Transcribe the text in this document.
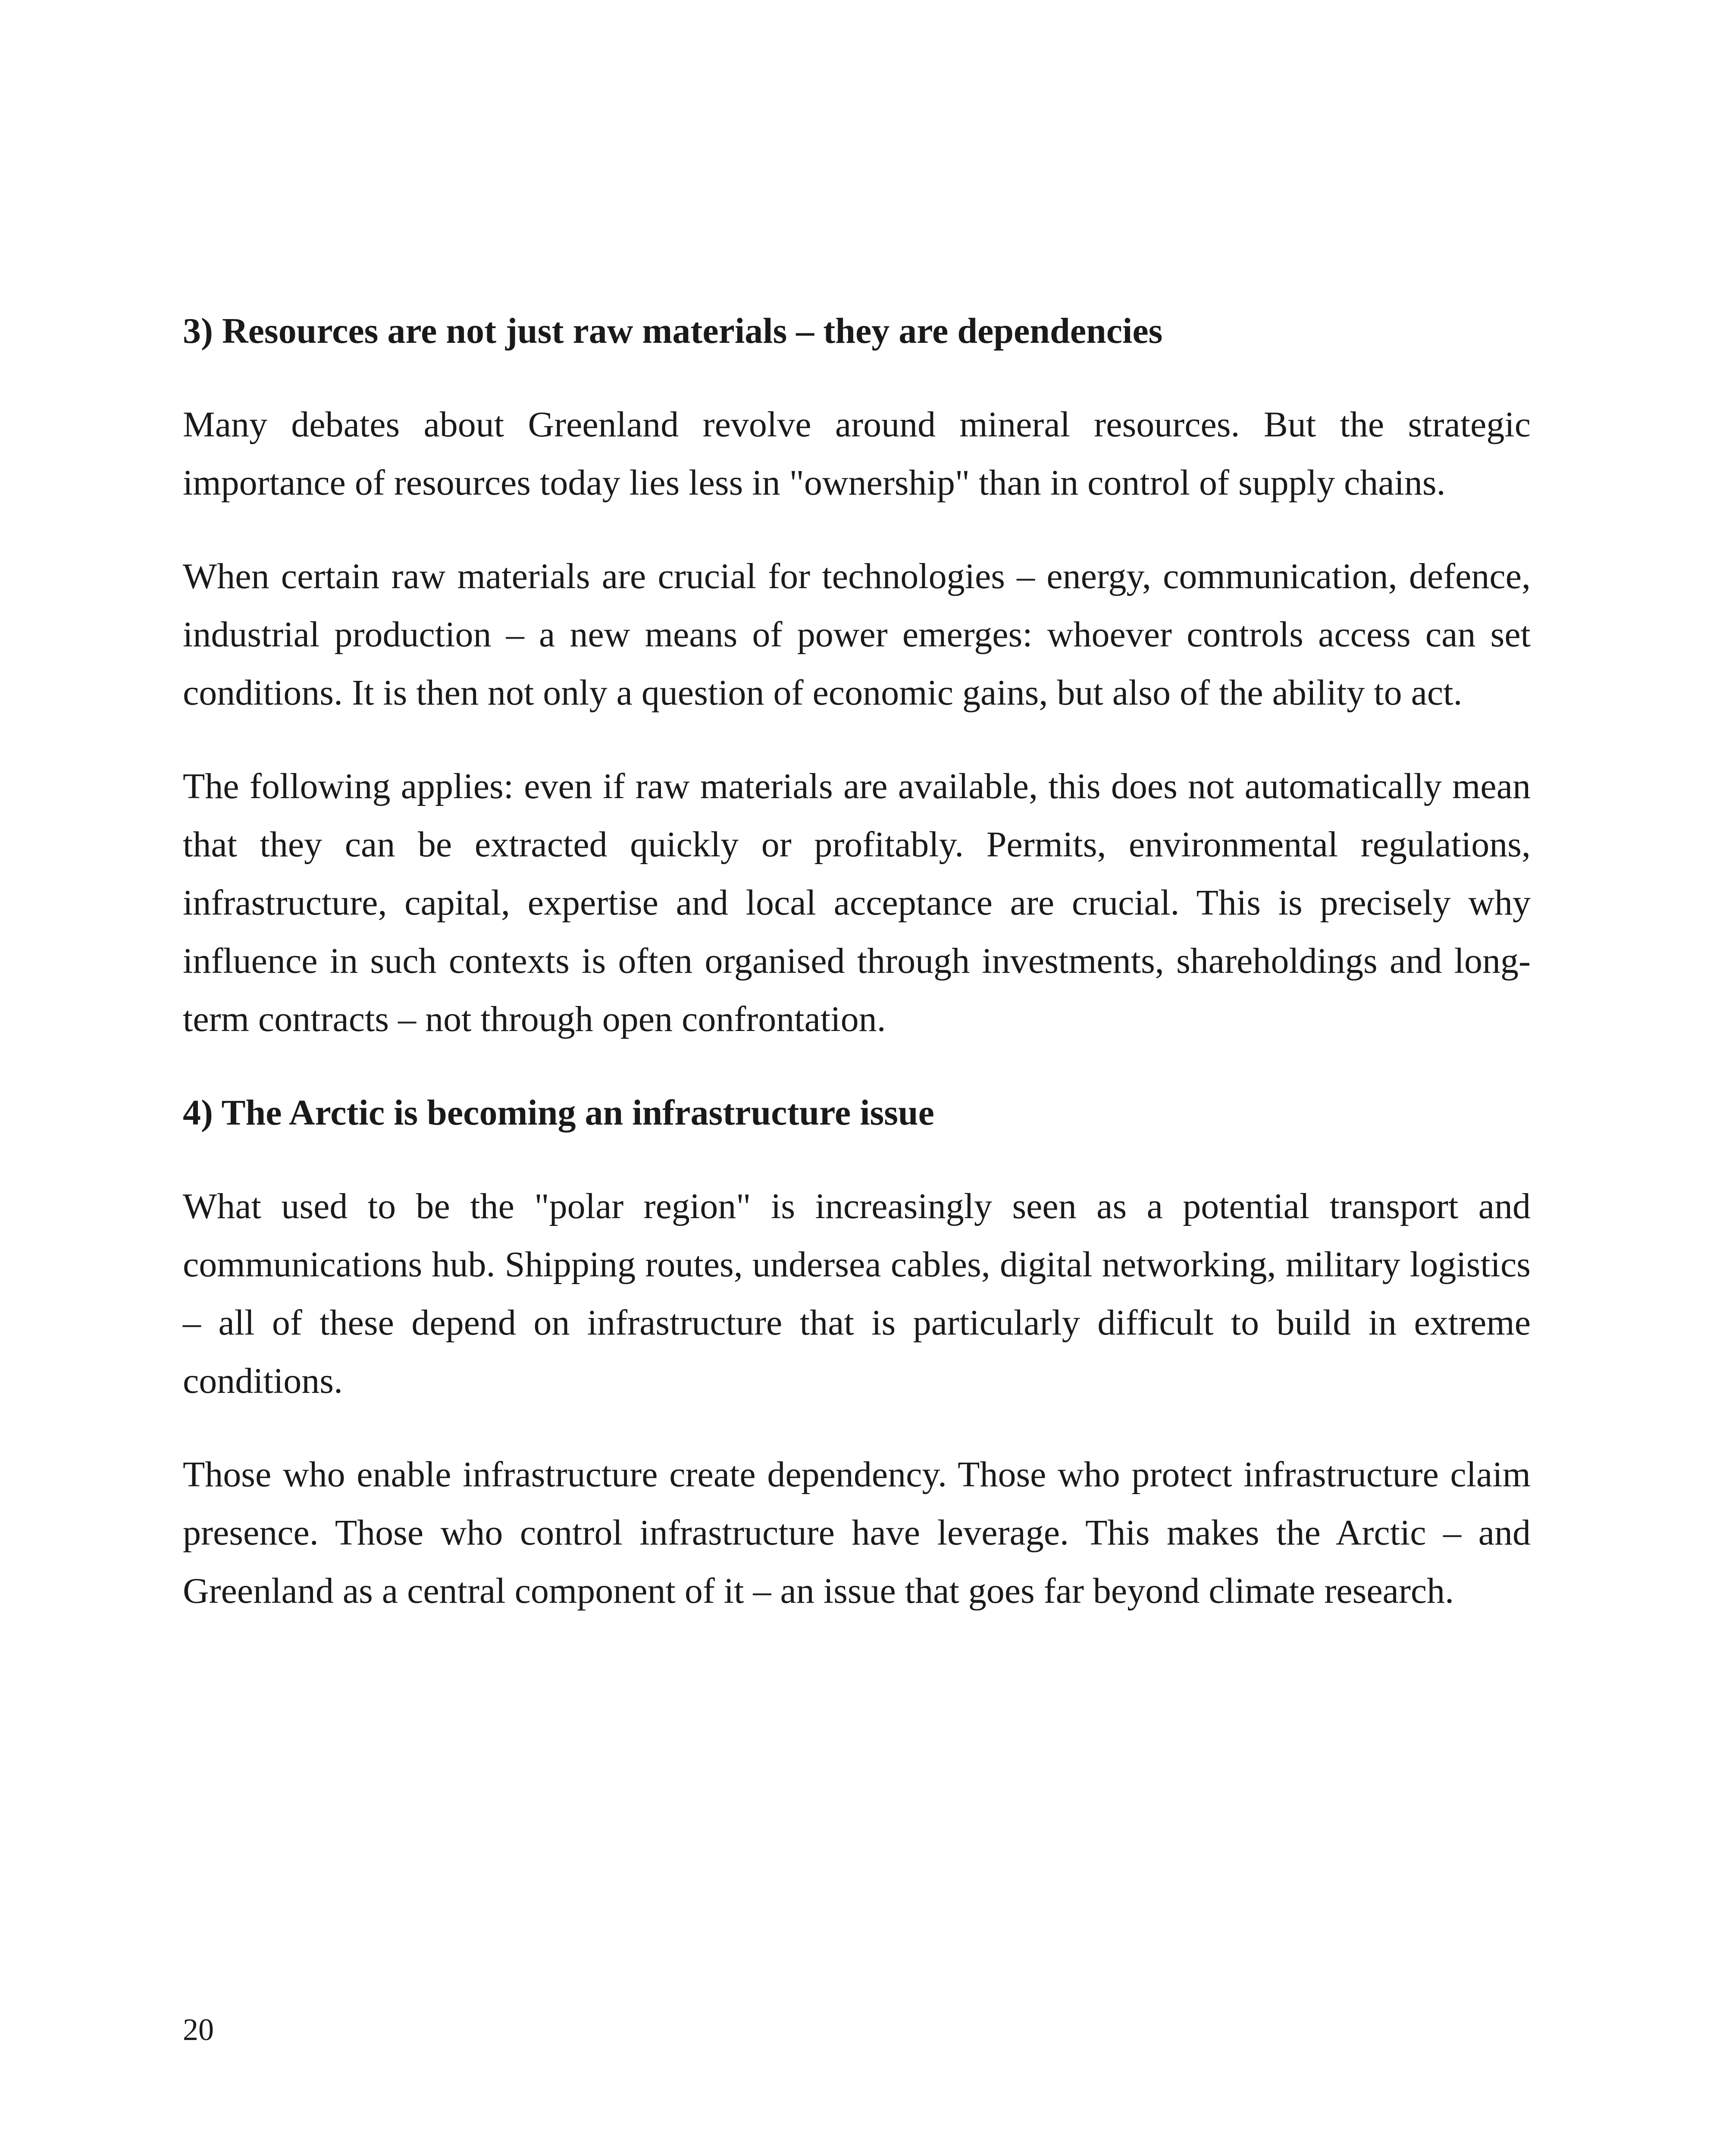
3) Resources are not just raw materials – they are dependencies

Many debates about Greenland revolve around mineral resources. But the strategic importance of resources today lies less in "ownership" than in control of supply chains.

When certain raw materials are crucial for technologies – energy, communication, defence, industrial production – a new means of power emerges: whoever controls access can set conditions. It is then not only a question of economic gains, but also of the ability to act.

The following applies: even if raw materials are available, this does not automatically mean that they can be extracted quickly or profitably. Permits, environmental regulations, infrastructure, capital, expertise and local acceptance are crucial. This is precisely why influence in such contexts is often organised through investments, shareholdings and long-term contracts – not through open confrontation.

4) The Arctic is becoming an infrastructure issue

What used to be the "polar region" is increasingly seen as a potential transport and communications hub. Shipping routes, undersea cables, digital networking, military logistics – all of these depend on infrastructure that is particularly difficult to build in extreme conditions.

Those who enable infrastructure create dependency. Those who protect infrastructure claim presence. Those who control infrastructure have leverage. This makes the Arctic – and Greenland as a central component of it – an issue that goes far beyond climate research.

20
